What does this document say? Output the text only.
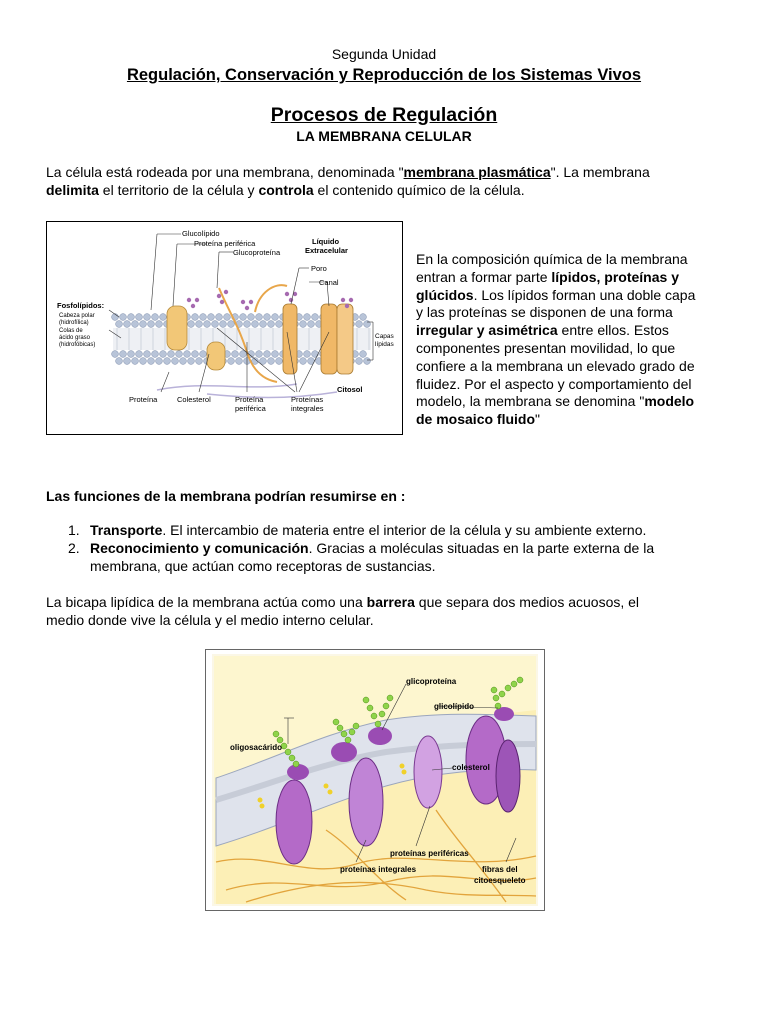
Segunda Unidad
Regulación, Conservación y Reproducción de los Sistemas Vivos
Procesos de Regulación
LA MEMBRANA CELULAR

La célula está rodeada por una membrana, denominada "membrana plasmática". La membrana
delimita el territorio de la célula y controla el contenido químico de la célula.

Glucolípido
Proteína periférica
Glucoproteína
Líquido
Extracelular
Poro
Canal
Fosfolípidos:
Cabeza polar
(hidrofílica)
Colas de
ácido graso
(hidrofóbicas)
Capas
lípidas
Citosol
Proteína	Colesterol	Proteína
periférica
Proteínas
integrales

En la composición química de la membrana
entran a formar parte lípidos, proteínas y
glúcidos. Los lípidos forman una doble capa
y las proteínas se disponen de una forma
irregular y asimétrica entre ellos. Estos
componentes presentan movilidad, lo que
confiere a la membrana un elevado grado de
fluidez. Por el aspecto y comportamiento del
modelo, la membrana se denomina "modelo
de mosaico fluido"

Las funciones de la membrana podrían resumirse en :

1. Transporte. El intercambio de materia entre el interior de la célula y su ambiente externo.
2. Reconocimiento y comunicación. Gracias a moléculas situadas en la parte externa de la
membrana, que actúan como receptoras de sustancias.

La bicapa lipídica de la membrana actúa como una barrera que separa dos medios acuosos, el
medio donde vive la célula y el medio interno celular.

glicoproteína
glicolípido
oligosacárido
colesterol
proteínas periféricas
proteínas integrales	fibras del
citoesqueleto
